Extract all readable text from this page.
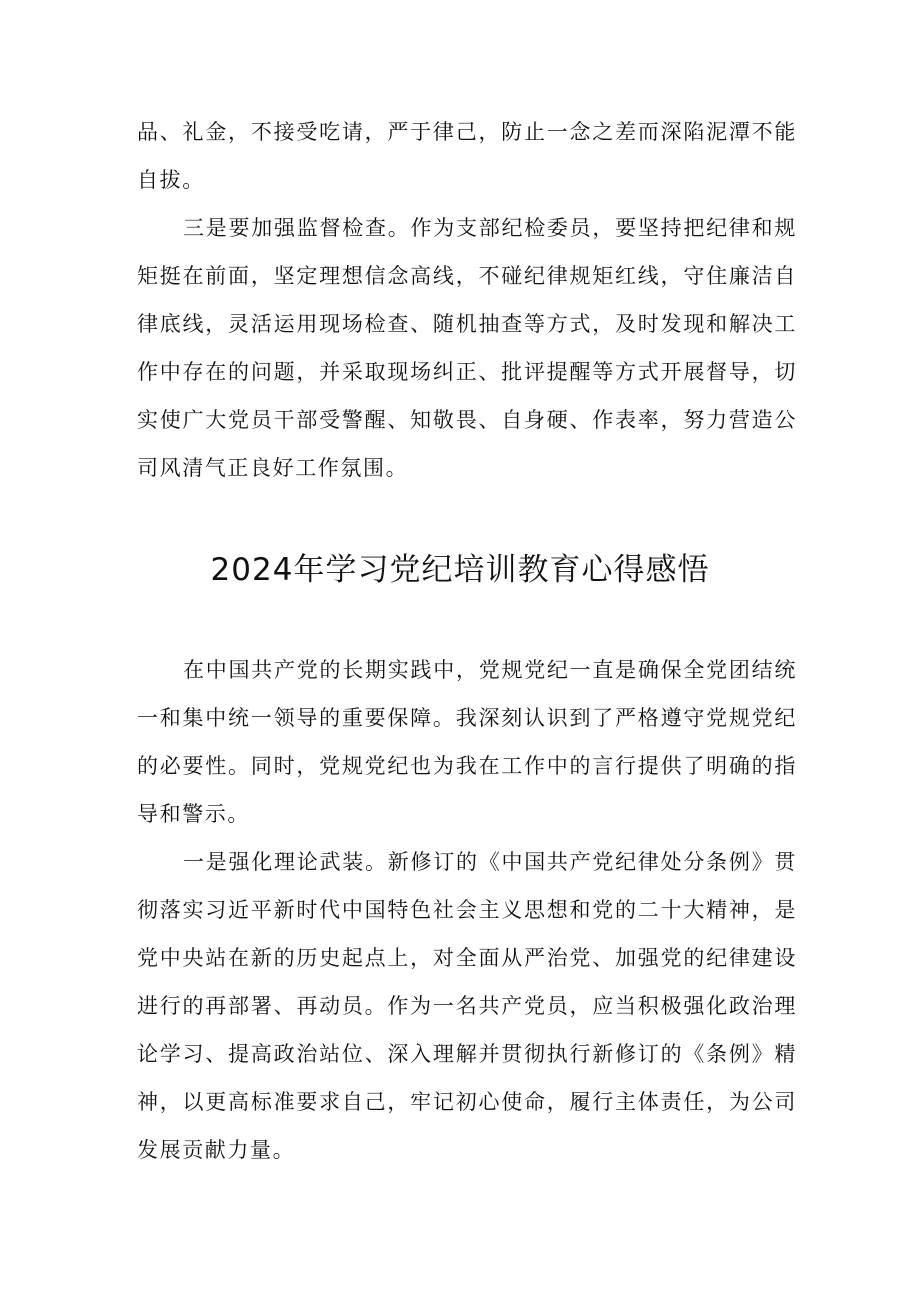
品、礼金，不接受吃请，严于律己，防止一念之差而深陷泥潭不能自拔。

三是要加强监督检查。作为支部纪检委员，要坚持把纪律和规矩挺在前面，坚定理想信念高线，不碰纪律规矩红线，守住廉洁自律底线，灵活运用现场检查、随机抽查等方式，及时发现和解决工作中存在的问题，并采取现场纠正、批评提醒等方式开展督导，切实使广大党员干部受警醒、知敬畏、自身硬、作表率，努力营造公司风清气正良好工作氛围。

2024年学习党纪培训教育心得感悟

在中国共产党的长期实践中，党规党纪一直是确保全党团结统一和集中统一领导的重要保障。我深刻认识到了严格遵守党规党纪的必要性。同时，党规党纪也为我在工作中的言行提供了明确的指导和警示。

一是强化理论武装。新修订的《中国共产党纪律处分条例》贯彻落实习近平新时代中国特色社会主义思想和党的二十大精神，是党中央站在新的历史起点上，对全面从严治党、加强党的纪律建设进行的再部署、再动员。作为一名共产党员，应当积极强化政治理论学习、提高政治站位、深入理解并贯彻执行新修订的《条例》精神，以更高标准要求自己，牢记初心使命，履行主体责任，为公司发展贡献力量。
